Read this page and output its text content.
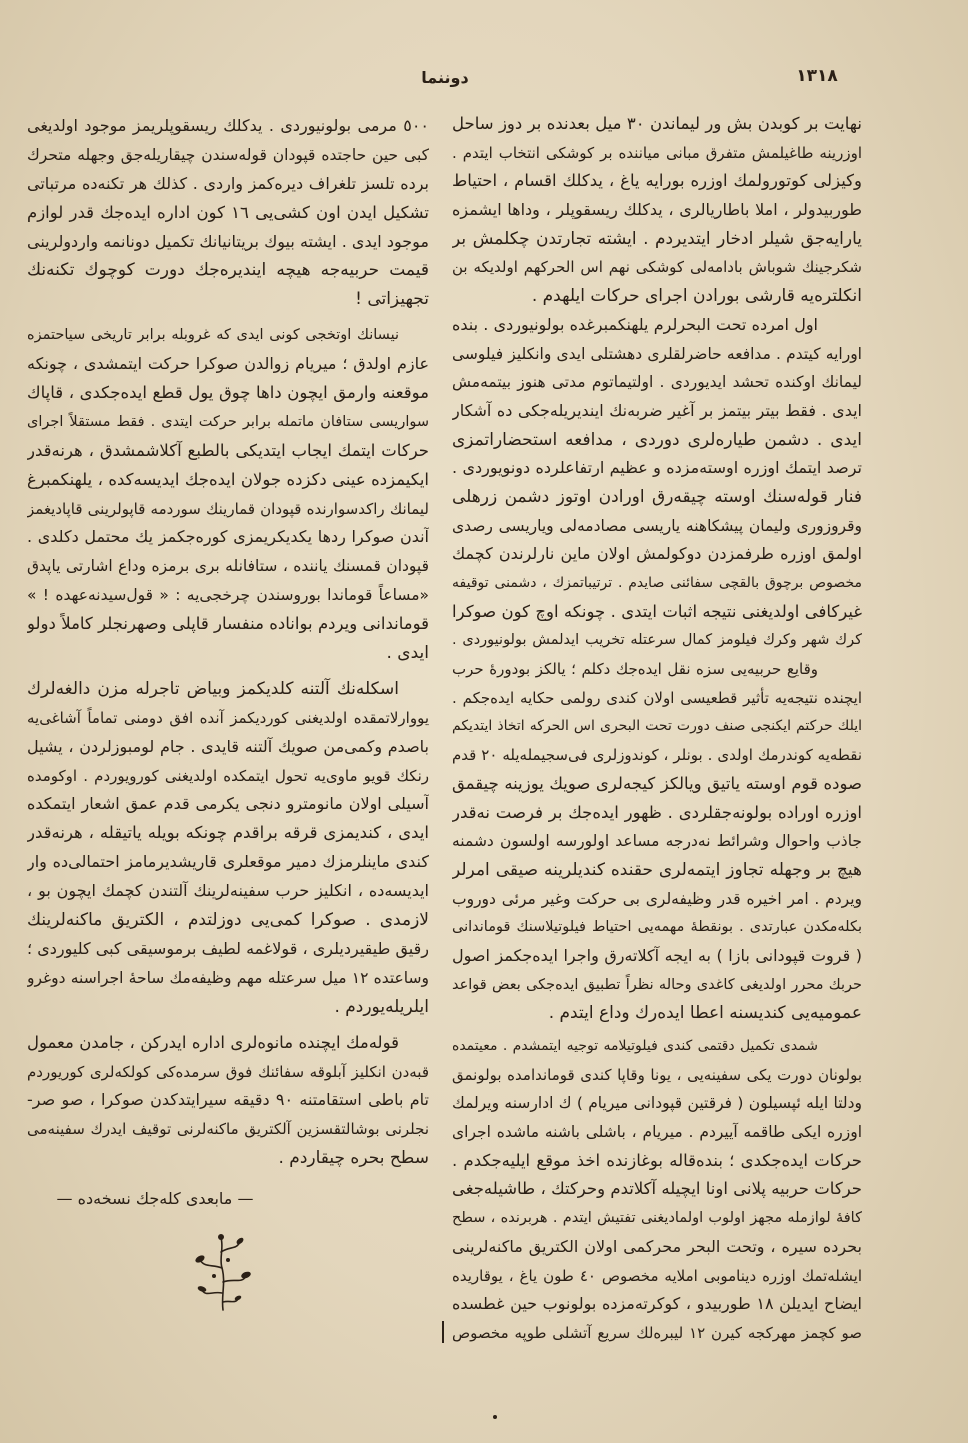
دوننما	١٣١٨
نهایت بر کوبدن بش ور لیماندن ٣٠ میل بعدنده بر دوز ساحل
اوزرینه طاغیلمش متفرق مبانی میاننده بر کوشکی انتخاب ایتدم .
وکیزلی کوتورولمك اوزره بورایه یاغ ، یدکلك اقسام ، احتیاط
طوربیدولر ، املا باطاریالری ، یدکلك ریسقوپلر ، وداها ایشمزه
یارایه‌جق شیلر ادخار ایتدیردم . ایشته تجارتدن چکلمش بر
شکرجینك شوباش بادامه‌لی کوشکی نهم اس الحرکهم اولدیکه بن
انکلتره‌یه قارشی بورادن اجرای حرکات ایلهدم .
اول امرده تحت البحرلرم یلهنکمبرغده بولونیوردی . بنده
اورایه کیتدم . مدافعه حاضرلقلری دهشتلی ایدی وانکلیز فیلوسی
لیمانك اوکنده تحشد ایدیوردی . اولتیماتوم مدتی هنوز بیتمه‌مش
ایدی . فقط بیتر بیتمز بر آغیر ضربه‌نك ایندیریله‌جکی ده آشکار
ایدی . دشمن طیاره‌لری دوردی ، مدافعه استحضاراتمزی
ترصد ایتمك اوزره اوسته‌مزده و عظیم ارتفاعلرده دونویوردی .
فنار قوله‌سنك اوسته چیقه‌رق اورادن اوتوز دشمن زرهلی
وقروزوری ولیمان پیشکاهنه یاریسی مصادمه‌لی ویاریسی رصدی
اولمق اوزره طرفمزدن دوکولمش اولان ماین نارلرندن کچمك
مخصوص برچوق بالقچی سفائنی صایدم . ترتیباتمزك ، دشمنی توقیفه
غیرکافی اولدیغنی نتیجه اثبات ایتدی . چونکه اوچ کون صوکرا
کرك شهر وکرك فیلومز کمال سرعتله تخریب ایدلمش بولونیوردی .
وقایع حربیه‌یی سزه نقل ایده‌جك دکلم ؛ یالکز بودورهٔ حرب
ایچنده نتیجه‌یه تأثیر قطعیسی اولان کندی رولمی حکایه ایده‌جکم .
ایلك حرکتم ایکنجی صنف دورت تحت البحری اس الحرکه اتخاذ ایتدیکم
نقطه‌یه کوندرمك اولدی . بونلر ، کوندوزلری فی‌سجیمله‌یله ٢٠ قدم
صوده قوم اوسته یاتیق ویالکز کیجه‌لری صویك یوزینه چیقمق
اوزره اوراده بولونه‌جقلردی . ظهور ایده‌جك بر فرصت نه‌قدر
جاذب واحوال وشرائط نه‌درجه مساعد اولورسه اولسون دشمنه
هیچ بر وجهله تجاوز ایتمه‌لری حقنده کندیلرینه صیقی امرلر
ویردم . امر اخیره قدر وظیفه‌لری بی حرکت وغیر مرئی دوروب
بکله‌مکدن عبارتدی . بونقطهٔ مهمه‌یی احتیاط فیلوتیلاسنك قوماندانی
( قروت قپودانی بازا ) به ایجه آکلاته‌رق واجرا ایده‌جکمز اصول
حربك محرر اولدیغی کاغدی وحاله نظراً تطبیق ایده‌جکی بعض قواعد
عمومیه‌یی کندیسنه اعطا ایده‌رك وداع ایتدم .
شمدی تکمیل دقتمی کندی فیلوتیلامه توجیه ایتمشدم . معیتمده
بولونان دورت یکی سفینه‌یی ، یونا وقاپا کندی قوماندامده بولونمق
ودلتا ایله ئپسیلون ( فرقتین قپودانی میریام ) ك ادارسنه ویرلمك
اوزره ایکی طاقمه آییردم . میریام ، باشلی باشنه ماشده اجرای
حرکات ایده‌جکدی ؛ بنده‌قاله بوغازنده اخذ موقع ایلیه‌جکدم .
حرکات حربیه پلانی اونا ایچیله آکلاتدم وحرکتك ، طاشیله‌جغی
کافهٔ لوازمله مجهز اولوب اولمادیغنی تفتیش ایتدم . هربرنده ، سطح
بحرده سیره ، وتحت البحر محرکمی اولان الکتریق ماکنه‌لرینی
ایشله‌تمك اوزره دیناموبی املایه مخصوص ٤٠ طون یاغ ، یوقاریده
ایضاح ایدیلن ١٨ طوربیدو ، کوکرته‌مزده بولونوب حین غطسده
صو کچمز مهرکجه کیرن ١٢ لیبره‌لك سریع آتشلی طوپه مخصوص
٥٠٠ مرمی بولونیوردی . یدکلك ریسقوپلریمز موجود اولدیغی
کبی حین حاجتده قپودان قوله‌سندن چیقاریله‌جق وجهله متحرك
برده تلسز تلغراف دیره‌کمز واردی . کذلك هر تکنه‌ده مرتباتی
تشکیل ایدن اون کشی‌یی ١٦ کون اداره ایده‌جك قدر لوازم
موجود ایدی . ایشته بیوك بریتانیانك تکمیل دونانمه واردولرینی
قیمت حربیه‌جه هیچه ایندیره‌جك دورت کوچوك تکنه‌نك
تجهیزاتی !
نیسانك اوتخجی کونی ایدی که غروبله برابر تاریخی سیاحتمزه
عازم اولدق ؛ میریام زوالدن صوکرا حرکت ایتمشدی ، چونکه
موقعنه وارمق ایچون داها چوق یول قطع ایده‌جکدی ، قاپاك
سواریسی ستافان ماتمله برابر حرکت ایتدی . فقط مستقلاً اجرای
حرکات ایتمك ایجاب ایتدیکی بالطبع آکلاشمشدق ، هرنه‌قدر
ایکیمزده عینی دکزده جولان ایده‌جك ایدیسه‌کده ، یلهنکمبرغ
لیمانك راکدسوارنده قپودان قمارینك سوردمه قاپولرینی قاپادیغمز
آندن صوکرا ردها یکدیکریمزی کوره‌جکمز یك محتمل دکلدی .
قپودان قمسنك یاننده ، ستافانله بری برمزه وداع اشارتی یاپدق
«مساعاً قوماندا بوروسندن چرخجی‌یه : « قول‌سیدنه‌عهده ! »
قوماندانی ویردم بواناده منفسار قاپلی وصهرنجلر کاملاً دولو
ایدی .
اسکله‌نك آلتنه کلدیکمز وبیاض تاجرله مزن دالغه‌لرك
یووارلاتمقده اولدیغنی کوردیکمز آنده افق دومنی تماماً آشاغی‌یه
باصدم وکمی‌من صویك آلتنه قایدی . جام لومبوزلردن ، یشیل
رنکك قویو ماوی‌یه تحول ایتمکده اولدیغنی کورویوردم . اوکومده
آسیلی اولان مانومترو دنجی یکرمی قدم عمق اشعار ایتمکده
ایدی ، کندیمزی قرقه براقدم چونکه بویله یاتیقله ، هرنه‌قدر
کندی ماینلرمزك دمیر موقعلری قاریشدیرمامز احتمالی‌ده وار
ایدیسه‌ده ، انکلیز حرب سفینه‌لرینك آلتندن کچمك ایچون بو ،
لازمدی . صوکرا کمی‌یی دوزلتدم ، الکتریق ماکنه‌لرینك
رقیق طیقیردیلری ، قولاغمه لطیف برموسیقی کبی کلیوردی ؛
وساعتده ١٢ میل سرعتله مهم وظیفه‌مك ساحهٔ اجراسنه دوغرو
ایلریله‌یوردم .
قوله‌مك ایچنده مانوه‌لری اداره ایدرکن ، جامدن معمول
قبه‌دن انکلیز آبلوقه سفائنك فوق سرمده‌کی کولکه‌لری کوریوردم
تام باطی استقامتنه ٩٠ دقیقه سیرایتدکدن صوکرا ، صو صر-
نجلرنی بوشالتقسزین آلکتریق ماکنه‌لرنی توقیف ایدرك سفینه‌می
سطح بحره چیقاردم .
— مابعدی کله‌جك نسخه‌ده —
